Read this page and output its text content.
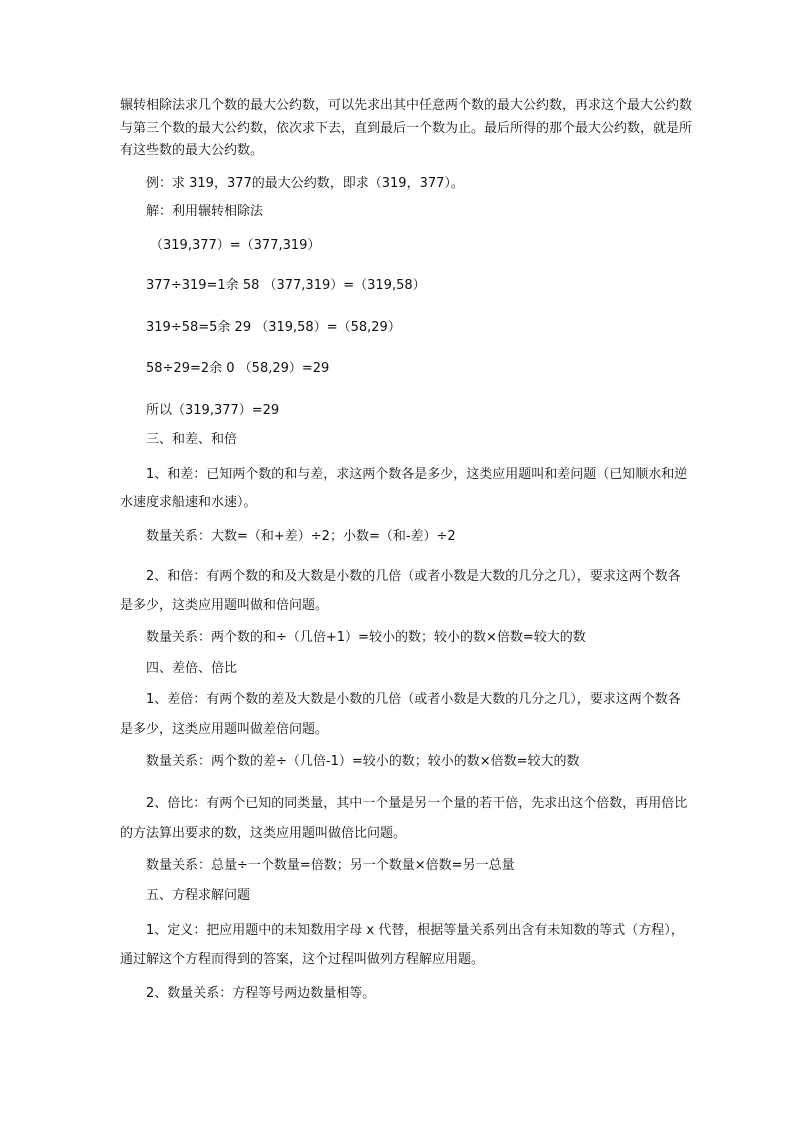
辗转相除法求几个数的最大公约数，可以先求出其中任意两个数的最大公约数，再求这个最大公约数
与第三个数的最大公约数，依次求下去，直到最后一个数为止。最后所得的那个最大公约数，就是所
有这些数的最大公约数。
例：求 319，377的最大公约数，即求（319，377）。
解：利用辗转相除法
（319,377）=（377,319）
377÷319=1余 58 （377,319）=（319,58）
319÷58=5余 29 （319,58）=（58,29）
58÷29=2余 0 （58,29）=29
所以（319,377）=29
三、和差、和倍
1、和差：已知两个数的和与差，求这两个数各是多少，这类应用题叫和差问题（已知顺水和逆
水速度求船速和水速）。
数量关系：大数=（和+差）÷2；小数=（和-差）÷2
2、和倍：有两个数的和及大数是小数的几倍（或者小数是大数的几分之几），要求这两个数各
是多少，这类应用题叫做和倍问题。
数量关系：两个数的和÷（几倍+1）=较小的数；较小的数×倍数=较大的数
四、差倍、倍比
1、差倍：有两个数的差及大数是小数的几倍（或者小数是大数的几分之几），要求这两个数各
是多少，这类应用题叫做差倍问题。
数量关系：两个数的差÷（几倍-1）=较小的数；较小的数×倍数=较大的数
2、倍比：有两个已知的同类量，其中一个量是另一个量的若干倍，先求出这个倍数，再用倍比
的方法算出要求的数，这类应用题叫做倍比问题。
数量关系：总量÷一个数量=倍数；另一个数量×倍数=另一总量
五、方程求解问题
1、定义：把应用题中的未知数用字母 x 代替，根据等量关系列出含有未知数的等式（方程），
通过解这个方程而得到的答案，这个过程叫做列方程解应用题。
2、数量关系：方程等号两边数量相等。
